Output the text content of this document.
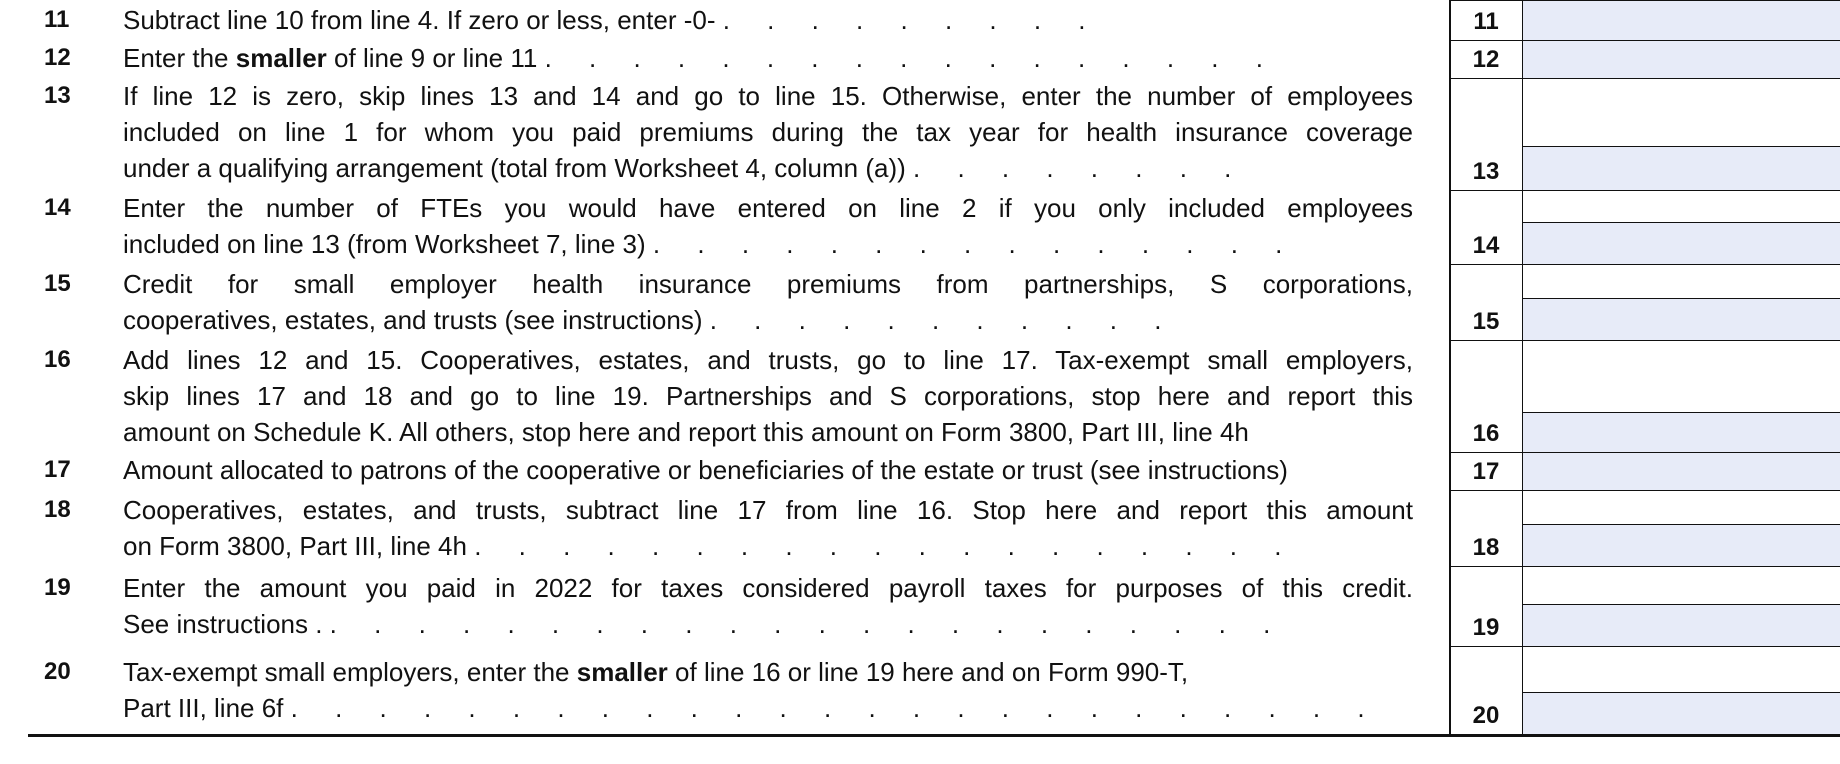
11	Subtract line 10 from line 4. If zero or less, enter -0- . . . . . . . . .	11
12	Enter the smaller of line 9 or line 11 . . . . . . . . . . . . . . . . .	12
13	If line 12 is zero, skip lines 13 and 14 and go to line 15. Otherwise, enter the number of employees
included on line 1 for whom you paid premiums during the tax year for health insurance coverage
under a qualifying arrangement (total from Worksheet 4, column (a)) . . . . . . . .	13
14	Enter the number of FTEs you would have entered on line 2 if you only included employees
included on line 13 (from Worksheet 7, line 3) . . . . . . . . . . . . . . .	14
15	Credit for small employer health insurance premiums from partnerships, S corporations,
cooperatives, estates, and trusts (see instructions) . . . . . . . . . . .	15
16	Add lines 12 and 15. Cooperatives, estates, and trusts, go to line 17. Tax-exempt small employers,
skip lines 17 and 18 and go to line 19. Partnerships and S corporations, stop here and report this
amount on Schedule K. All others, stop here and report this amount on Form 3800, Part III, line 4h	16
17	Amount allocated to patrons of the cooperative or beneficiaries of the estate or trust (see instructions)	17
18	Cooperatives, estates, and trusts, subtract line 17 from line 16. Stop here and report this amount
on Form 3800, Part III, line 4h . . . . . . . . . . . . . . . . . . .	18
19	Enter the amount you paid in 2022 for taxes considered payroll taxes for purposes of this credit.
See instructions . . . . . . . . . . . . . . . . . . . . . . .	19
20	Tax-exempt small employers, enter the smaller of line 16 or line 19 here and on Form 990-T,
Part III, line 6f . . . . . . . . . . . . . . . . . . . . . . . . .	20
